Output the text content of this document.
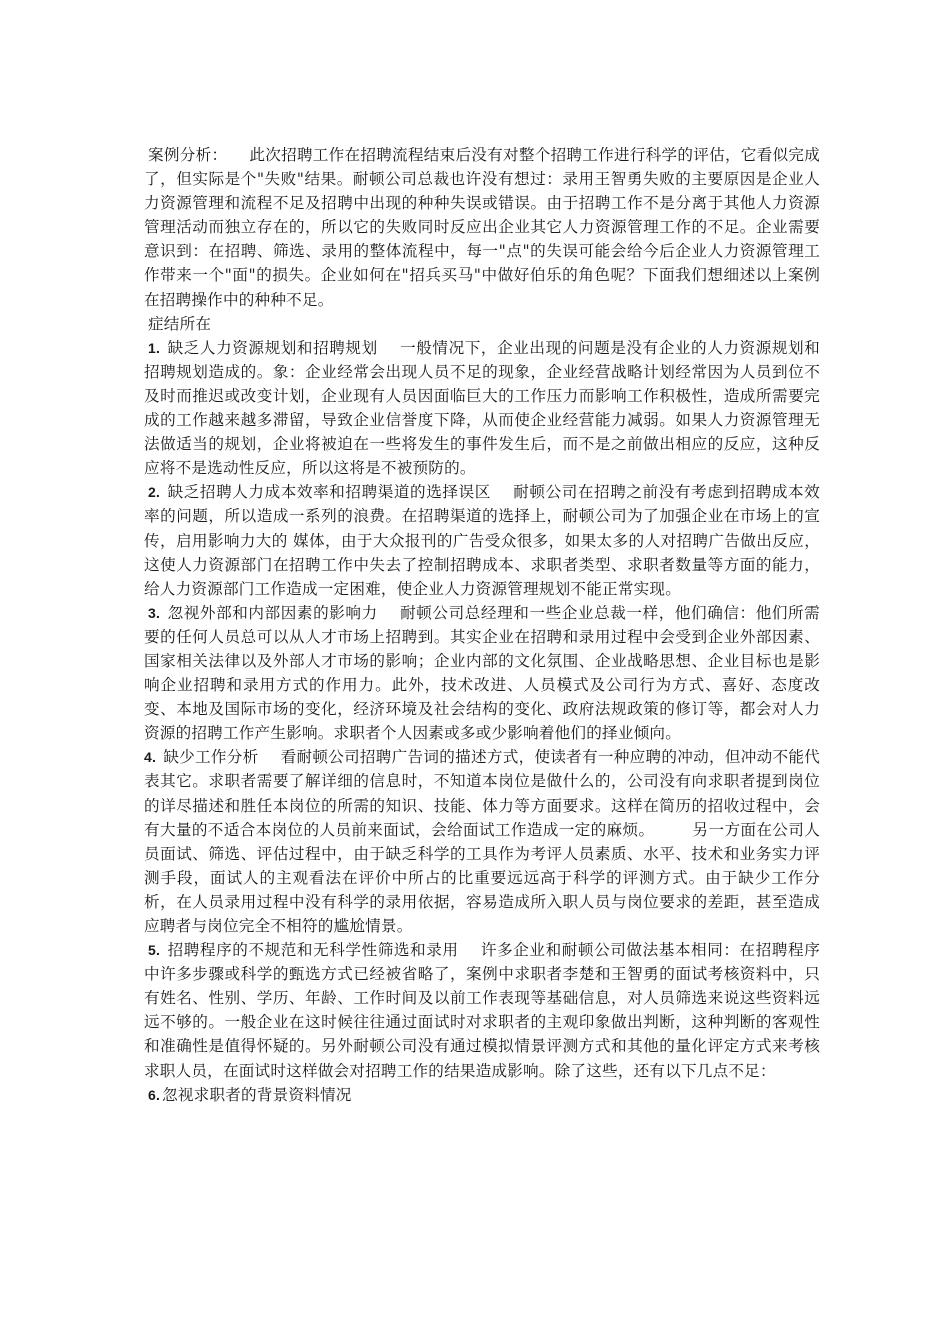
案例分析： 此次招聘工作在招聘流程结束后没有对整个招聘工作进行科学的评估，它看似完成了，但实际是个"失败"结果。耐顿公司总裁也许没有想过：录用王智勇失败的主要原因是企业人力资源管理和流程不足及招聘中出现的种种失误或错误。由于招聘工作不是分离于其他人力资源管理活动而独立存在的，所以它的失败同时反应出企业其它人力资源管理工作的不足。企业需要意识到：在招聘、筛选、录用的整体流程中，每一"点"的失误可能会给今后企业人力资源管理工作带来一个"面"的损失。企业如何在"招兵买马"中做好伯乐的角色呢？下面我们想细述以上案例在招聘操作中的种种不足。

症结所在

1. 缺乏人力资源规划和招聘规划 一般情况下，企业出现的问题是没有企业的人力资源规划和招聘规划造成的。象：企业经常会出现人员不足的现象，企业经营战略计划经常因为人员到位不及时而推迟或改变计划，企业现有人员因面临巨大的工作压力而影响工作积极性，造成所需要完成的工作越来越多滞留，导致企业信誉度下降，从而使企业经营能力减弱。如果人力资源管理无法做适当的规划，企业将被迫在一些将发生的事件发生后，而不是之前做出相应的反应，这种反应将不是选动性反应，所以这将是不被预防的。

2. 缺乏招聘人力成本效率和招聘渠道的选择误区 耐顿公司在招聘之前没有考虑到招聘成本效率的问题，所以造成一系列的浪费。在招聘渠道的选择上，耐顿公司为了加强企业在市场上的宣传，启用影响力大的 媒体，由于大众报刊的广告受众很多，如果太多的人对招聘广告做出反应，这使人力资源部门在招聘工作中失去了控制招聘成本、求职者类型、求职者数量等方面的能力，给人力资源部门工作造成一定困难，使企业人力资源管理规划不能正常实现。

3. 忽视外部和内部因素的影响力 耐顿公司总经理和一些企业总裁一样，他们确信：他们所需要的任何人员总可以从人才市场上招聘到。其实企业在招聘和录用过程中会受到企业外部因素、国家相关法律以及外部人才市场的影响；企业内部的文化氛围、企业战略思想、企业目标也是影响企业招聘和录用方式的作用力。此外，技术改进、人员模式及公司行为方式、喜好、态度改变、本地及国际市场的变化，经济环境及社会结构的变化、政府法规政策的修订等，都会对人力资源的招聘工作产生影响。求职者个人因素或多或少影响着他们的择业倾向。

4. 缺少工作分析 看耐顿公司招聘广告词的描述方式，使读者有一种应聘的冲动，但冲动不能代表其它。求职者需要了解详细的信息时，不知道本岗位是做什么的，公司没有向求职者提到岗位的详尽描述和胜任本岗位的所需的知识、技能、体力等方面要求。这样在简历的招收过程中，会有大量的不适合本岗位的人员前来面试，会给面试工作造成一定的麻烦。 另一方面在公司人员面试、筛选、评估过程中，由于缺乏科学的工具作为考评人员素质、水平、技术和业务实力评测手段，面试人的主观看法在评价中所占的比重要远远高于科学的评测方式。由于缺少工作分析，在人员录用过程中没有科学的录用依据，容易造成所入职人员与岗位要求的差距，甚至造成应聘者与岗位完全不相符的尴尬情景。

5. 招聘程序的不规范和无科学性筛选和录用 许多企业和耐顿公司做法基本相同：在招聘程序中许多步骤或科学的甄选方式已经被省略了，案例中求职者李楚和王智勇的面试考核资料中，只有姓名、性别、学历、年龄、工作时间及以前工作表现等基础信息，对人员筛选来说这些资料远远不够的。一般企业在这时候往往通过面试时对求职者的主观印象做出判断，这种判断的客观性和准确性是值得怀疑的。另外耐顿公司没有通过模拟情景评测方式和其他的量化评定方式来考核求职人员，在面试时这样做会对招聘工作的结果造成影响。除了这些，还有以下几点不足：

6. 忽视求职者的背景资料情况
